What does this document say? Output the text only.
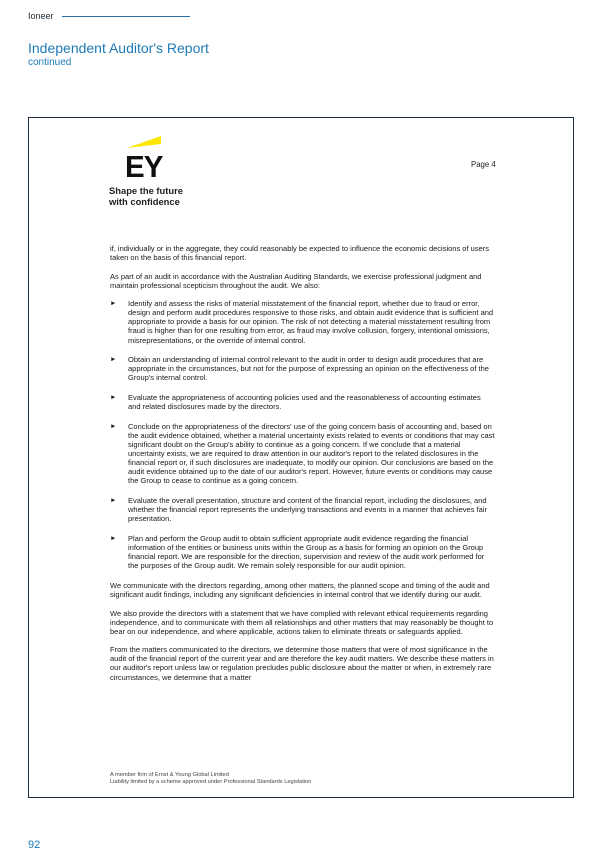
Ioneer
Independent Auditor's Report
continued
EY
Shape the future
with confidence
Page 4

if, individually or in the aggregate, they could reasonably be expected to influence the economic decisions of users taken on the basis of this financial report.

As part of an audit in accordance with the Australian Auditing Standards, we exercise professional judgment and maintain professional scepticism throughout the audit. We also:

► Identify and assess the risks of material misstatement of the financial report, whether due to fraud or error, design and perform audit procedures responsive to those risks, and obtain audit evidence that is sufficient and appropriate to provide a basis for our opinion. The risk of not detecting a material misstatement resulting from fraud is higher than for one resulting from error, as fraud may involve collusion, forgery, intentional omissions, misrepresentations, or the override of internal control.
► Obtain an understanding of internal control relevant to the audit in order to design audit procedures that are appropriate in the circumstances, but not for the purpose of expressing an opinion on the effectiveness of the Group's internal control.
► Evaluate the appropriateness of accounting policies used and the reasonableness of accounting estimates and related disclosures made by the directors.
► Conclude on the appropriateness of the directors' use of the going concern basis of accounting and, based on the audit evidence obtained, whether a material uncertainty exists related to events or conditions that may cast significant doubt on the Group's ability to continue as a going concern. If we conclude that a material uncertainty exists, we are required to draw attention in our auditor's report to the related disclosures in the financial report or, if such disclosures are inadequate, to modify our opinion. Our conclusions are based on the audit evidence obtained up to the date of our auditor's report. However, future events or conditions may cause the Group to cease to continue as a going concern.
► Evaluate the overall presentation, structure and content of the financial report, including the disclosures, and whether the financial report represents the underlying transactions and events in a manner that achieves fair presentation.
► Plan and perform the Group audit to obtain sufficient appropriate audit evidence regarding the financial information of the entities or business units within the Group as a basis for forming an opinion on the Group financial report. We are responsible for the direction, supervision and review of the audit work performed for the purposes of the Group audit. We remain solely responsible for our audit opinion.

We communicate with the directors regarding, among other matters, the planned scope and timing of the audit and significant audit findings, including any significant deficiencies in internal control that we identify during our audit.

We also provide the directors with a statement that we have complied with relevant ethical requirements regarding independence, and to communicate with them all relationships and other matters that may reasonably be thought to bear on our independence, and where applicable, actions taken to eliminate threats or safeguards applied.

From the matters communicated to the directors, we determine those matters that were of most significance in the audit of the financial report of the current year and are therefore the key audit matters. We describe these matters in our auditor's report unless law or regulation precludes public disclosure about the matter or when, in extremely rare circumstances, we determine that a matter

A member firm of Ernst & Young Global Limited
Liability limited by a scheme approved under Professional Standards Legislation
92
